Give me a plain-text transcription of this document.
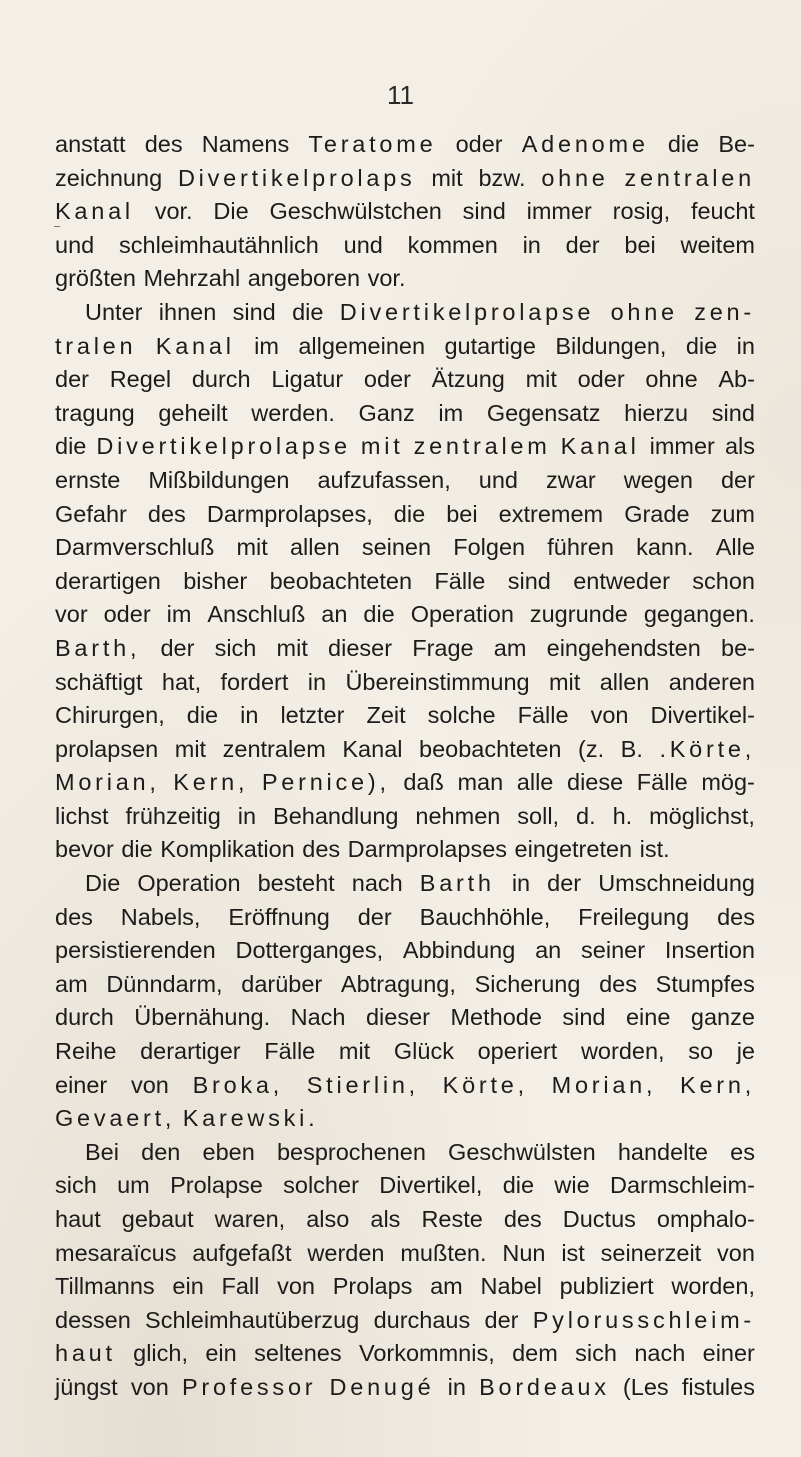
11
anstatt des Namens Teratome oder Adenome die Be-
zeichnung Divertikelprolaps mit bzw. ohne zentralen
Kanal vor. Die Geschwülstchen sind immer rosig, feucht
und schleimhautähnlich und kommen in der bei weitem
größten Mehrzahl angeboren vor.
Unter ihnen sind die Divertikelprolapse ohne zen-
tralen Kanal im allgemeinen gutartige Bildungen, die in
der Regel durch Ligatur oder Ätzung mit oder ohne Ab-
tragung geheilt werden. Ganz im Gegensatz hierzu sind
die Divertikelprolapse mit zentralem Kanal immer als
ernste Mißbildungen aufzufassen, und zwar wegen der
Gefahr des Darmprolapses, die bei extremem Grade zum
Darmverschluß mit allen seinen Folgen führen kann. Alle
derartigen bisher beobachteten Fälle sind entweder schon
vor oder im Anschluß an die Operation zugrunde gegangen.
Barth, der sich mit dieser Frage am eingehendsten be-
schäftigt hat, fordert in Übereinstimmung mit allen anderen
Chirurgen, die in letzter Zeit solche Fälle von Divertikel-
prolapsen mit zentralem Kanal beobachteten (z. B. .Körte,
Morian, Kern, Pernice), daß man alle diese Fälle mög-
lichst frühzeitig in Behandlung nehmen soll, d. h. möglichst,
bevor die Komplikation des Darmprolapses eingetreten ist.
Die Operation besteht nach Barth in der Umschneidung
des Nabels, Eröffnung der Bauchhöhle, Freilegung des
persistierenden Dotterganges, Abbindung an seiner Insertion
am Dünndarm, darüber Abtragung, Sicherung des Stumpfes
durch Übernähung. Nach dieser Methode sind eine ganze
Reihe derartiger Fälle mit Glück operiert worden, so je
einer von Broka, Stierlin, Körte, Morian, Kern,
Gevaert, Karewski.
Bei den eben besprochenen Geschwülsten handelte es
sich um Prolapse solcher Divertikel, die wie Darmschleim-
haut gebaut waren, also als Reste des Ductus omphalo-
mesaraïcus aufgefaßt werden mußten. Nun ist seinerzeit von
Tillmanns ein Fall von Prolaps am Nabel publiziert worden,
dessen Schleimhautüberzug durchaus der Pylorusschleim-
haut glich, ein seltenes Vorkommnis, dem sich nach einer
jüngst von Professor Denugé in Bordeaux (Les fistules
